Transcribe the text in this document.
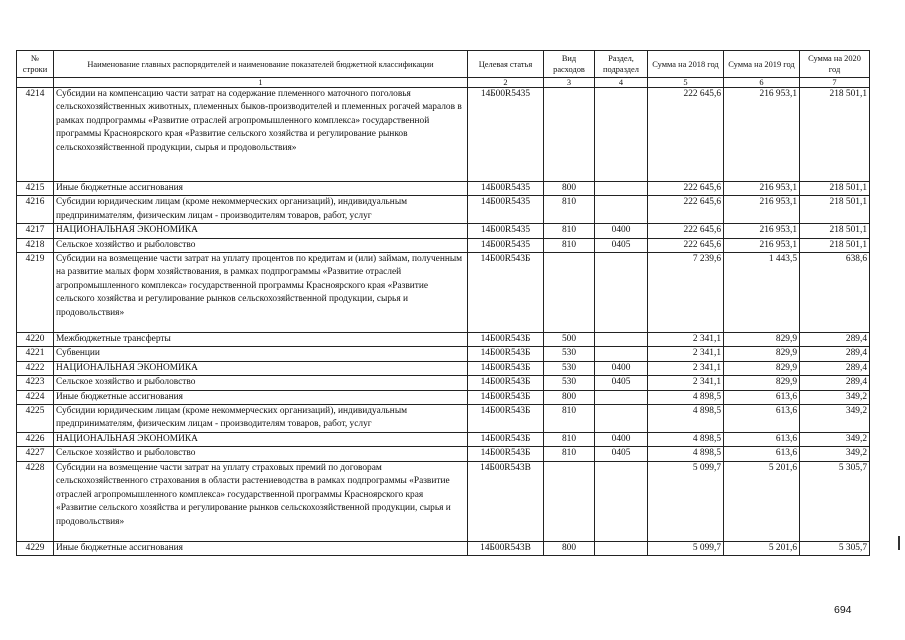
№ строки	Наименование главных распорядителей и наименование показателей бюджетной классификации	Целевая статья	Вид расходов	Раздел, подраздел	Сумма на 2018 год	Сумма на 2019 год	Сумма на 2020 год
	1	2	3	4	5	6	7
4214	Субсидии на компенсацию части затрат на содержание племенного маточного поголовья сельскохозяйственных животных, племенных быков-производителей и племенных рогачей маралов в рамках подпрограммы «Развитие отраслей агропромышленного комплекса» государственной программы Красноярского края «Развитие сельского хозяйства и регулирование рынков сельскохозяйственной продукции, сырья и продовольствия»	14Б00R5435			222 645,6	216 953,1	218 501,1
4215	Иные бюджетные ассигнования	14Б00R5435	800		222 645,6	216 953,1	218 501,1
4216	Субсидии юридическим лицам (кроме некоммерческих организаций), индивидуальным предпринимателям, физическим лицам - производителям товаров, работ, услуг	14Б00R5435	810		222 645,6	216 953,1	218 501,1
4217	НАЦИОНАЛЬНАЯ ЭКОНОМИКА	14Б00R5435	810	0400	222 645,6	216 953,1	218 501,1
4218	Сельское хозяйство и рыболовство	14Б00R5435	810	0405	222 645,6	216 953,1	218 501,1
4219	Субсидии на возмещение части затрат на уплату процентов по кредитам и (или) займам, полученным на развитие малых форм хозяйствования, в рамках подпрограммы «Развитие отраслей агропромышленного комплекса» государственной программы Красноярского края «Развитие сельского хозяйства и регулирование рынков сельскохозяйственной продукции, сырья и продовольствия»	14Б00R543Б			7 239,6	1 443,5	638,6
4220	Межбюджетные трансферты	14Б00R543Б	500		2 341,1	829,9	289,4
4221	Субвенции	14Б00R543Б	530		2 341,1	829,9	289,4
4222	НАЦИОНАЛЬНАЯ ЭКОНОМИКА	14Б00R543Б	530	0400	2 341,1	829,9	289,4
4223	Сельское хозяйство и рыболовство	14Б00R543Б	530	0405	2 341,1	829,9	289,4
4224	Иные бюджетные ассигнования	14Б00R543Б	800		4 898,5	613,6	349,2
4225	Субсидии юридическим лицам (кроме некоммерческих организаций), индивидуальным предпринимателям, физическим лицам - производителям товаров, работ, услуг	14Б00R543Б	810		4 898,5	613,6	349,2
4226	НАЦИОНАЛЬНАЯ ЭКОНОМИКА	14Б00R543Б	810	0400	4 898,5	613,6	349,2
4227	Сельское хозяйство и рыболовство	14Б00R543Б	810	0405	4 898,5	613,6	349,2
4228	Субсидии на возмещение части затрат на уплату страховых премий по договорам сельскохозяйственного страхования в области растениеводства в рамках подпрограммы «Развитие отраслей агропромышленного комплекса» государственной программы Красноярского края «Развитие сельского хозяйства и регулирование рынков сельскохозяйственной продукции, сырья и продовольствия»	14Б00R543В			5 099,7	5 201,6	5 305,7
4229	Иные бюджетные ассигнования	14Б00R543В	800		5 099,7	5 201,6	5 305,7
694
